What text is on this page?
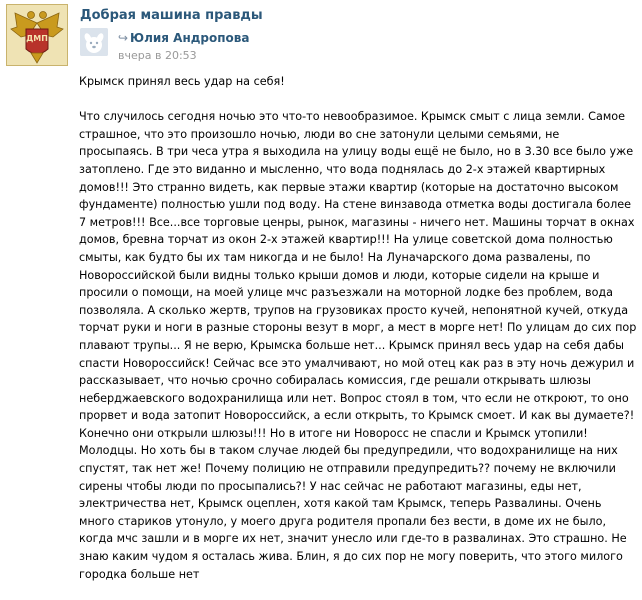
ДМП
Добрая машина правды
↪ Юлия Андропова
вчера в 20:53
Крымск принял весь удар на себя!
Что случилось сегодня ночью это что-то невообразимое. Крымск смыт с лица земли. Самое
страшное, что это произошло ночью, люди во сне затонули целыми семьями, не
просыпаясь. В три чеса утра я выходила на улицу воды ещё не было, но в 3.30 все было уже
затоплено. Где это виданно и мысленно, что вода поднялась до 2-х этажей квартирных
домов!!! Это странно видеть, как первые этажи квартир (которые на достаточно высоком
фундаменте) полностью ушли под воду. На стене винзавода отметка воды достигала более
7 метров!!! Все...все торговые ценры, рынок, магазины - ничего нет. Машины торчат в окнах
домов, бревна торчат из окон 2-х этажей квартир!!! На улице советской дома полностью
смыты, как будто бы их там никогда и не было! На Луначарского дома развалены, по
Новороссийской были видны только крыши домов и люди, которые сидели на крыше и
просили о помощи, на моей улице мчс разъезжали на моторной лодке без проблем, вода
позволяла. А сколько жертв, трупов на грузовиках просто кучей, непонятной кучей, откуда
торчат руки и ноги в разные стороны везут в морг, а мест в морге нет! По улицам до сих пор
плавают трупы... Я не верю, Крымска больше нет... Крымск принял весь удар на себя дабы
спасти Новороссийск! Сейчас все это умалчивают, но мой отец как раз в эту ночь дежурил и
рассказывает, что ночью срочно собиралась комиссия, где решали открывать шлюзы
неберджаевского водохранилища или нет. Вопрос стоял в том, что если не откроют, то оно
прорвет и вода затопит Новороссийск, а если открыть, то Крымск смоет. И как вы думаете?!
Конечно они открыли шлюзы!!! Но в итоге ни Новоросс не спасли и Крымск утопили!
Молодцы. Но хоть бы в таком случае людей бы предупредили, что водохранилище на них
спустят, так нет же! Почему полицию не отправили предупредить?? почему не включили
сирены чтобы люди по просыпались?! У нас сейчас не работают магазины, еды нет,
электричества нет, Крымск оцеплен, хотя какой там Крымск, теперь Развалины. Очень
много стариков утонуло, у моего друга родителя пропали без вести, в доме их не было,
когда мчс зашли и в морге их нет, значит унесло или где-то в развалинах. Это страшно. Не
знаю каким чудом я осталась жива. Блин, я до сих пор не могу поверить, что этого милого
городка больше нет
